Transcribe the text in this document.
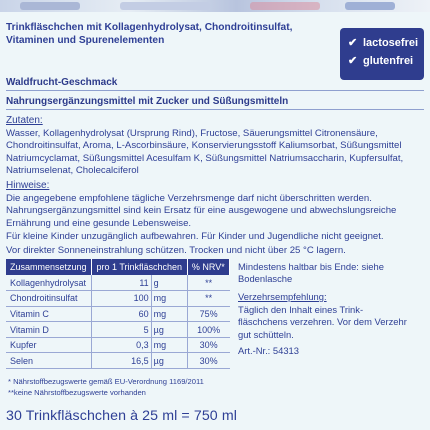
Trinkfläschchen mit Kollagenhydrolysat, Chondroitinsulfat, Vitaminen und Spurenelementen	✔ lactosefrei
✔ glutenfrei
Waldfrucht-Geschmack
Nahrungsergänzungsmittel mit Zucker und Süßungsmitteln
Zutaten:
Wasser, Kollagenhydrolysat (Ursprung Rind), Fructose, Säuerungsmittel Citronensäure, Chondroitinsulfat, Aroma, L-Ascorbinsäure, Konservierungsstoff Kaliumsorbat, Süßungsmittel Natriumcyclamat, Süßungsmittel Acesulfam K, Süßungsmittel Natriumsaccharin, Kupfersulfat, Natriumselenat, Cholecalciferol
Hinweise:
Die angegebene empfohlene tägliche Verzehrsmenge darf nicht überschritten werden. Nahrungsergänzungsmittel sind kein Ersatz für eine ausgewogene und abwechslungsreiche Ernährung und eine gesunde Lebensweise.
Für kleine Kinder unzugänglich aufbewahren. Für Kinder und Jugendliche nicht geeignet.
Vor direkter Sonneneinstrahlung schützen. Trocken und nicht über 25 °C lagern.
Zusammensetzung	pro 1 Trinkfläschchen		% NRV*
Kollagenhydrolysat	11	g	**
Chondroitinsulfat	100	mg	**
Vitamin C	60	mg	75%
Vitamin D	5	µg	100%
Kupfer	0,3	mg	30%
Selen	16,5	µg	30%
Mindestens haltbar bis Ende: siehe Bodenlasche
Verzehrsempfehlung:
Täglich den Inhalt eines Trink-fläschchens verzehren. Vor dem Verzehr gut schütteln.
Art.-Nr.: 54313
* Nährstoffbezugswerte gemäß EU-Verordnung 1169/2011
**keine Nährstoffbezugswerte vorhanden
30 Trinkfläschchen à 25 ml = 750 ml
